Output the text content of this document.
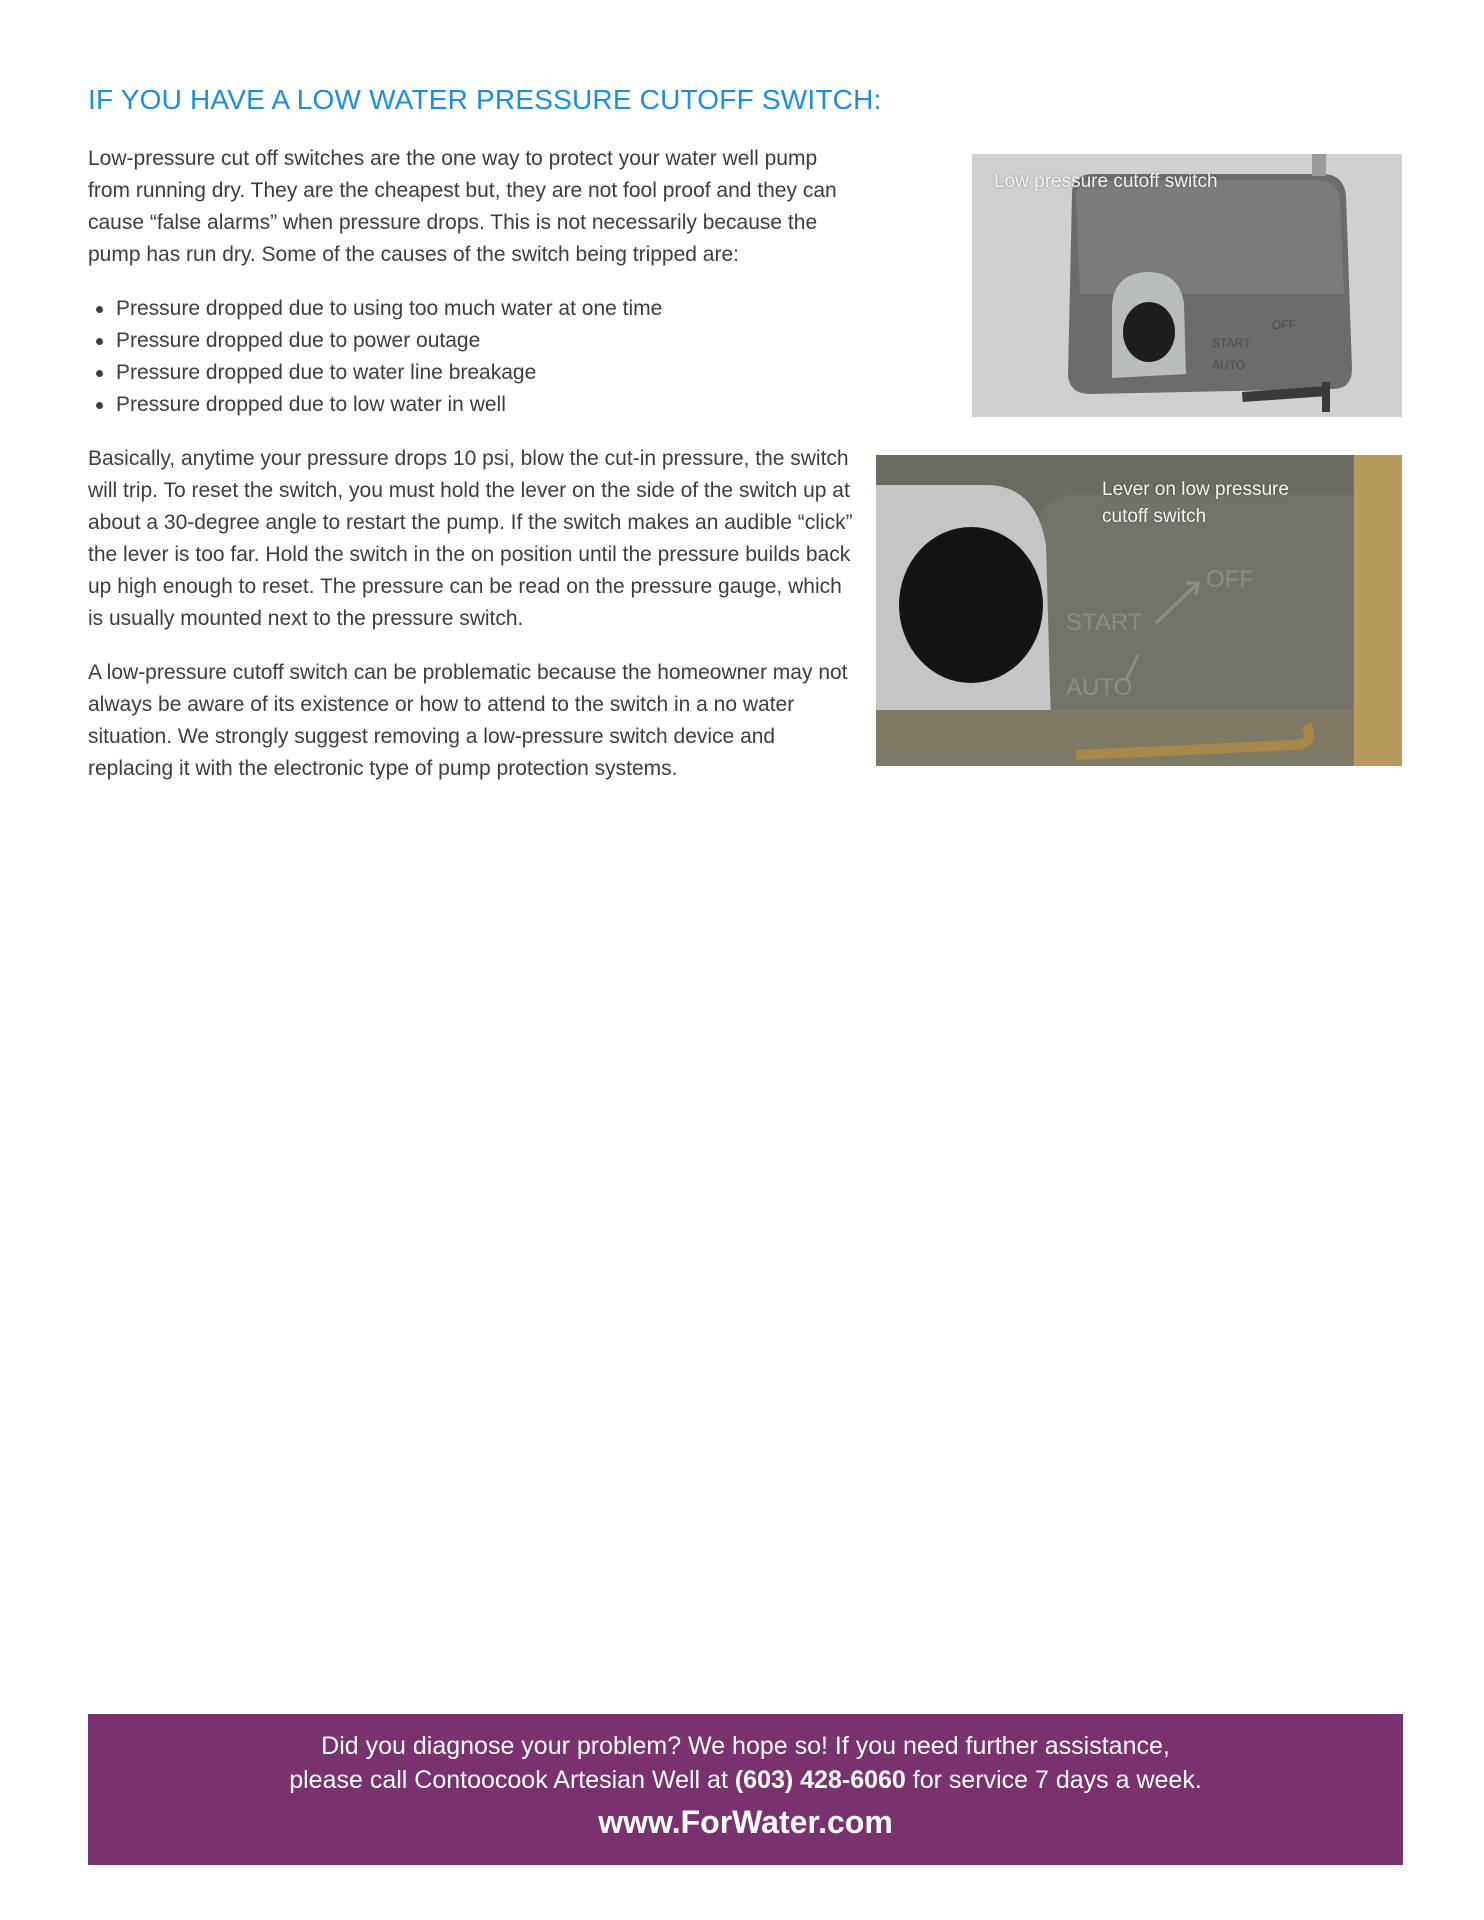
IF YOU HAVE A LOW WATER PRESSURE CUTOFF SWITCH:

Low-pressure cut off switches are the one way to protect your water well pump from running dry. They are the cheapest but, they are not fool proof and they can cause “false alarms” when pressure drops. This is not necessarily because the pump has run dry. Some of the causes of the switch being tripped are:

Pressure dropped due to using too much water at one time
Pressure dropped due to power outage
Pressure dropped due to water line breakage
Pressure dropped due to low water in well

Basically, anytime your pressure drops 10 psi, blow the cut-in pressure, the switch will trip. To reset the switch, you must hold the lever on the side of the switch up at about a 30-degree angle to restart the pump. If the switch makes an audible “click” the lever is too far. Hold the switch in the on position until the pressure builds back up high enough to reset. The pressure can be read on the pressure gauge, which is usually mounted next to the pressure switch.

A low-pressure cutoff switch can be problematic because the homeowner may not always be aware of its existence or how to attend to the switch in a no water situation. We strongly suggest removing a low-pressure switch device and replacing it with the electronic type of pump protection systems.

START
AUTO
OFF
Low pressure cutoff switch
START
AUTO
OFF
Lever on low pressure cutoff switch
Did you diagnose your problem? We hope so! If you need further assistance,
please call Contoocook Artesian Well at (603) 428-6060 for service 7 days a week.
www.ForWater.com
